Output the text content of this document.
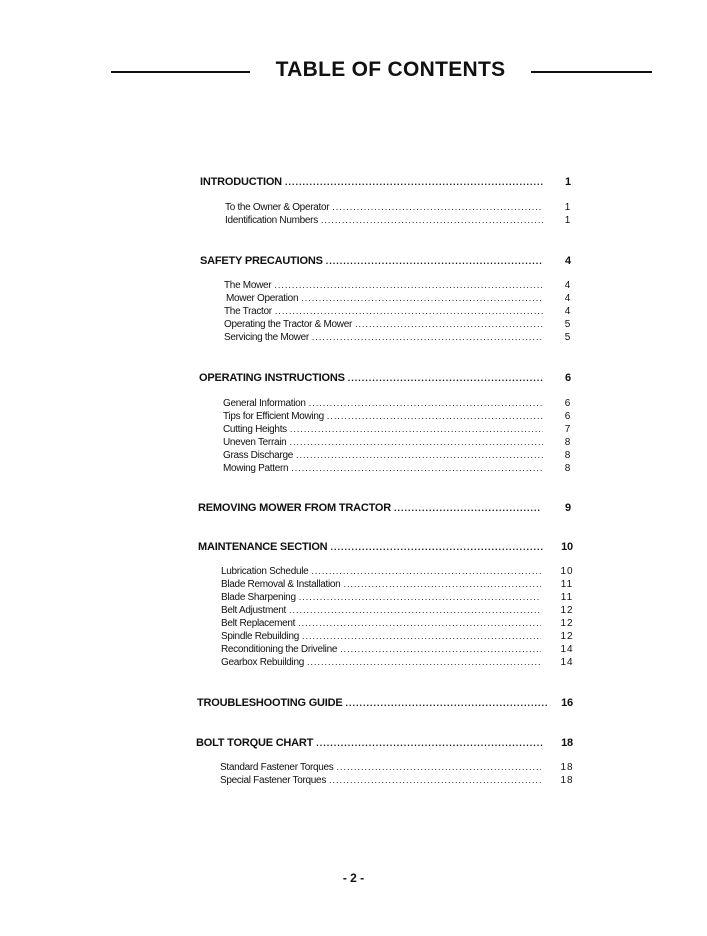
TABLE OF CONTENTS
INTRODUCTION .....	1
To the Owner & Operator .....	1
Identification Numbers .....	1
SAFETY PRECAUTIONS .....	4
The Mower .....	4
Mower Operation .....	4
The Tractor .....	4
Operating the Tractor & Mower .....	5
Servicing the Mower .....	5
OPERATING INSTRUCTIONS .....	6
General Information .....	6
Tips for Efficient Mowing .....	6
Cutting Heights .....	7
Uneven Terrain .....	8
Grass Discharge .....	8
Mowing Pattern .....	8
REMOVING MOWER FROM TRACTOR .....	9
MAINTENANCE SECTION .....	10
Lubrication Schedule .....	10
Blade Removal & Installation .....	11
Blade Sharpening .....	11
Belt Adjustment .....	12
Belt Replacement .....	12
Spindle Rebuilding .....	12
Reconditioning the Driveline .....	14
Gearbox Rebuilding .....	14
TROUBLESHOOTING GUIDE .....	16
BOLT TORQUE CHART .....	18
Standard Fastener Torques .....	18
Special Fastener Torques .....	18
- 2 -
